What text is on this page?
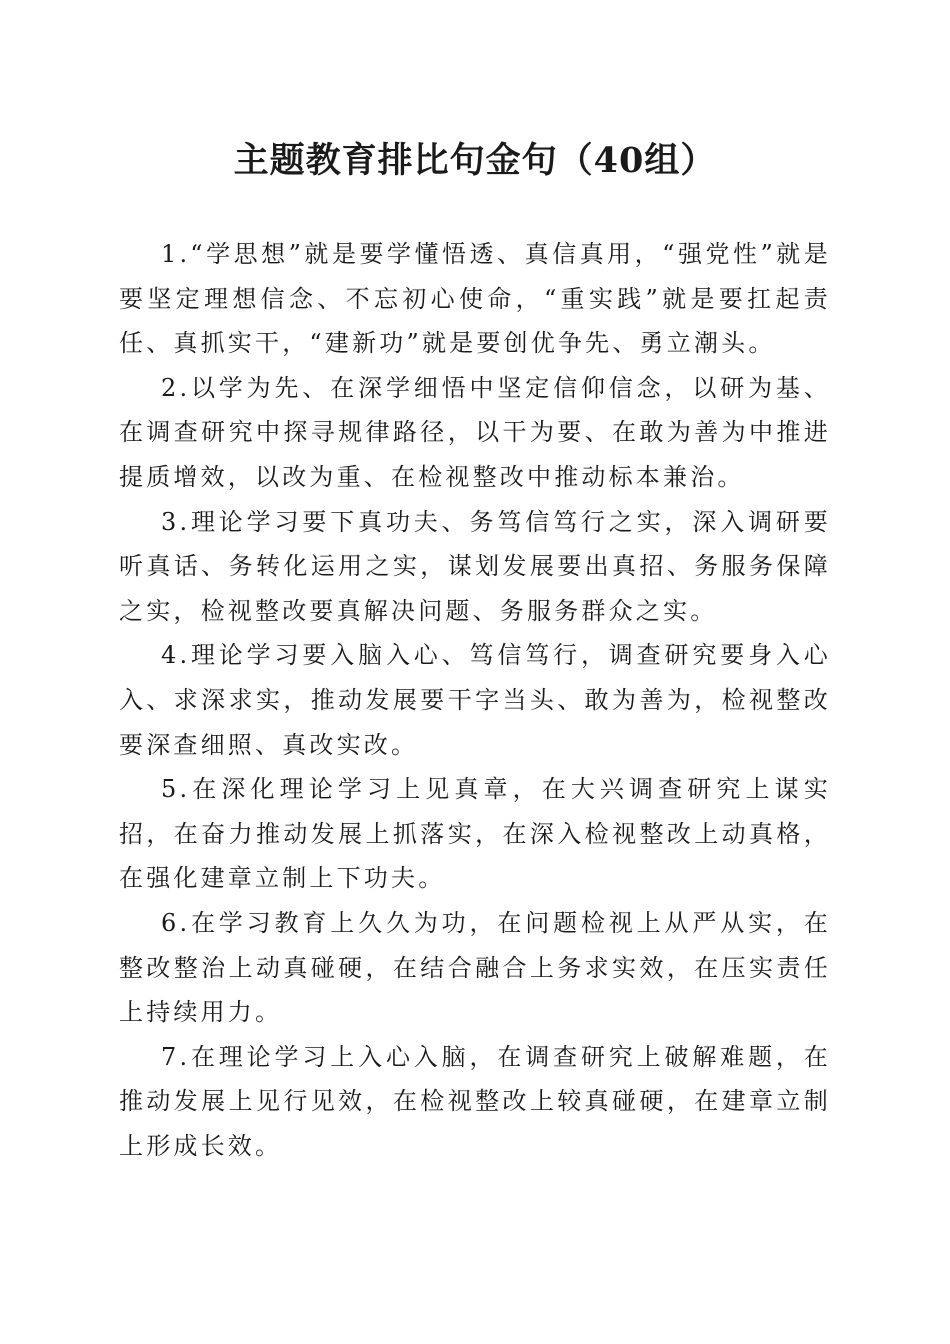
主题教育排比句金句（40组）

1.“学思想”就是要学懂悟透、真信真用，“强党性”就是要坚定理想信念、不忘初心使命，“重实践”就是要扛起责任、真抓实干，“建新功”就是要创优争先、勇立潮头。

2.以学为先、在深学细悟中坚定信仰信念，以研为基、在调查研究中探寻规律路径，以干为要、在敢为善为中推进提质增效，以改为重、在检视整改中推动标本兼治。

3.理论学习要下真功夫、务笃信笃行之实，深入调研要听真话、务转化运用之实，谋划发展要出真招、务服务保障之实，检视整改要真解决问题、务服务群众之实。

4.理论学习要入脑入心、笃信笃行，调查研究要身入心入、求深求实，推动发展要干字当头、敢为善为，检视整改要深查细照、真改实改。

5.在深化理论学习上见真章，在大兴调查研究上谋实招，在奋力推动发展上抓落实，在深入检视整改上动真格，在强化建章立制上下功夫。

6.在学习教育上久久为功，在问题检视上从严从实，在整改整治上动真碰硬，在结合融合上务求实效，在压实责任上持续用力。

7.在理论学习上入心入脑，在调查研究上破解难题，在推动发展上见行见效，在检视整改上较真碰硬，在建章立制上形成长效。
